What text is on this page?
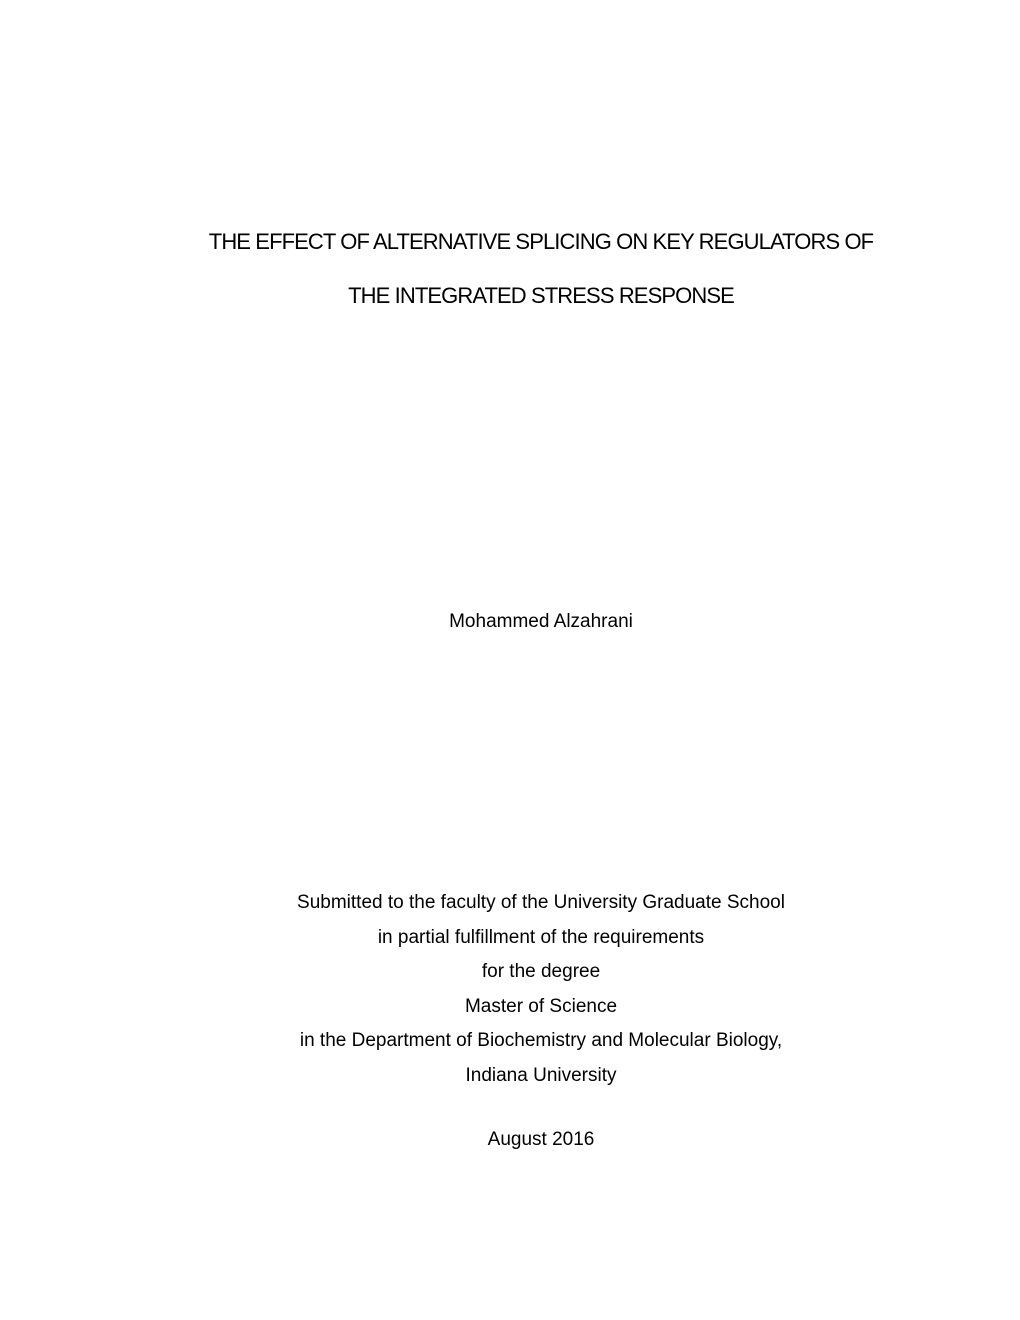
THE EFFECT OF ALTERNATIVE SPLICING ON KEY REGULATORS OF
THE INTEGRATED STRESS RESPONSE
Mohammed Alzahrani
Submitted to the faculty of the University Graduate School
in partial fulfillment of the requirements
for the degree
Master of Science
in the Department of Biochemistry and Molecular Biology,
Indiana University
August 2016
